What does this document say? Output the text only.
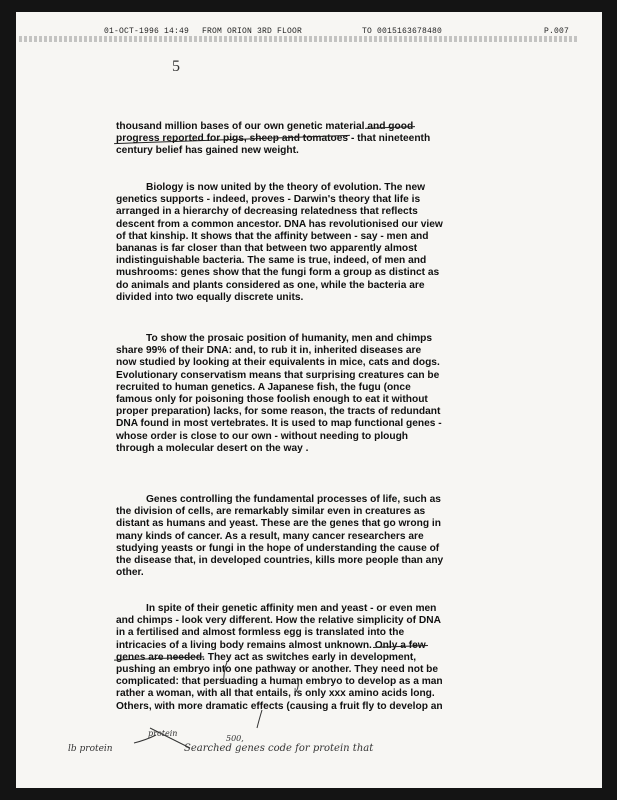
01-OCT-1996 14:49 FROM ORION 3RD FLOOR	TO 0015163678480	P.007
5
thousand million bases of our own genetic material and good
progress reported for pigs, sheep and tomatoes - that nineteenth
century belief has gained new weight.
Biology is now united by the theory of evolution. The new
genetics supports - indeed, proves - Darwin's theory that life is
arranged in a hierarchy of decreasing relatedness that reflects
descent from a common ancestor. DNA has revolutionised our view
of that kinship. It shows that the affinity between - say - men and
bananas is far closer than that between two apparently almost
indistinguishable bacteria. The same is true, indeed, of men and
mushrooms: genes show that the fungi form a group as distinct as
do animals and plants considered as one, while the bacteria are
divided into two equally discrete units.
To show the prosaic position of humanity, men and chimps
share 99% of their DNA: and, to rub it in, inherited diseases are
now studied by looking at their equivalents in mice, cats and dogs.
Evolutionary conservatism means that surprising creatures can be
recruited to human genetics. A Japanese fish, the fugu (once
famous only for poisoning those foolish enough to eat it without
proper preparation) lacks, for some reason, the tracts of redundant
DNA found in most vertebrates. It is used to map functional genes -
whose order is close to our own - without needing to plough
through a molecular desert on the way .
Genes controlling the fundamental processes of life, such as
the division of cells, are remarkably similar even in creatures as
distant as humans and yeast. These are the genes that go wrong in
many kinds of cancer. As a result, many cancer researchers are
studying yeasts or fungi in the hope of understanding the cause of
the disease that, in developed countries, kills more people than any
other.
In spite of their genetic affinity men and yeast - or even men
and chimps - look very different. How the relative simplicity of DNA
in a fertilised and almost formless egg is translated into the
intricacies of a living body remains almost unknown. Only a few
genes are needed. They act as switches early in development,
pushing an embryo into one pathway or another. They need not be
complicated: that persuading a human embryo to develop as a man
rather a woman, with all that entails, is only xxx amino acids long.
Others, with more dramatic effects (causing a fruit fly to develop an
lb protein
protein
500,
Searched genes code for protein that
